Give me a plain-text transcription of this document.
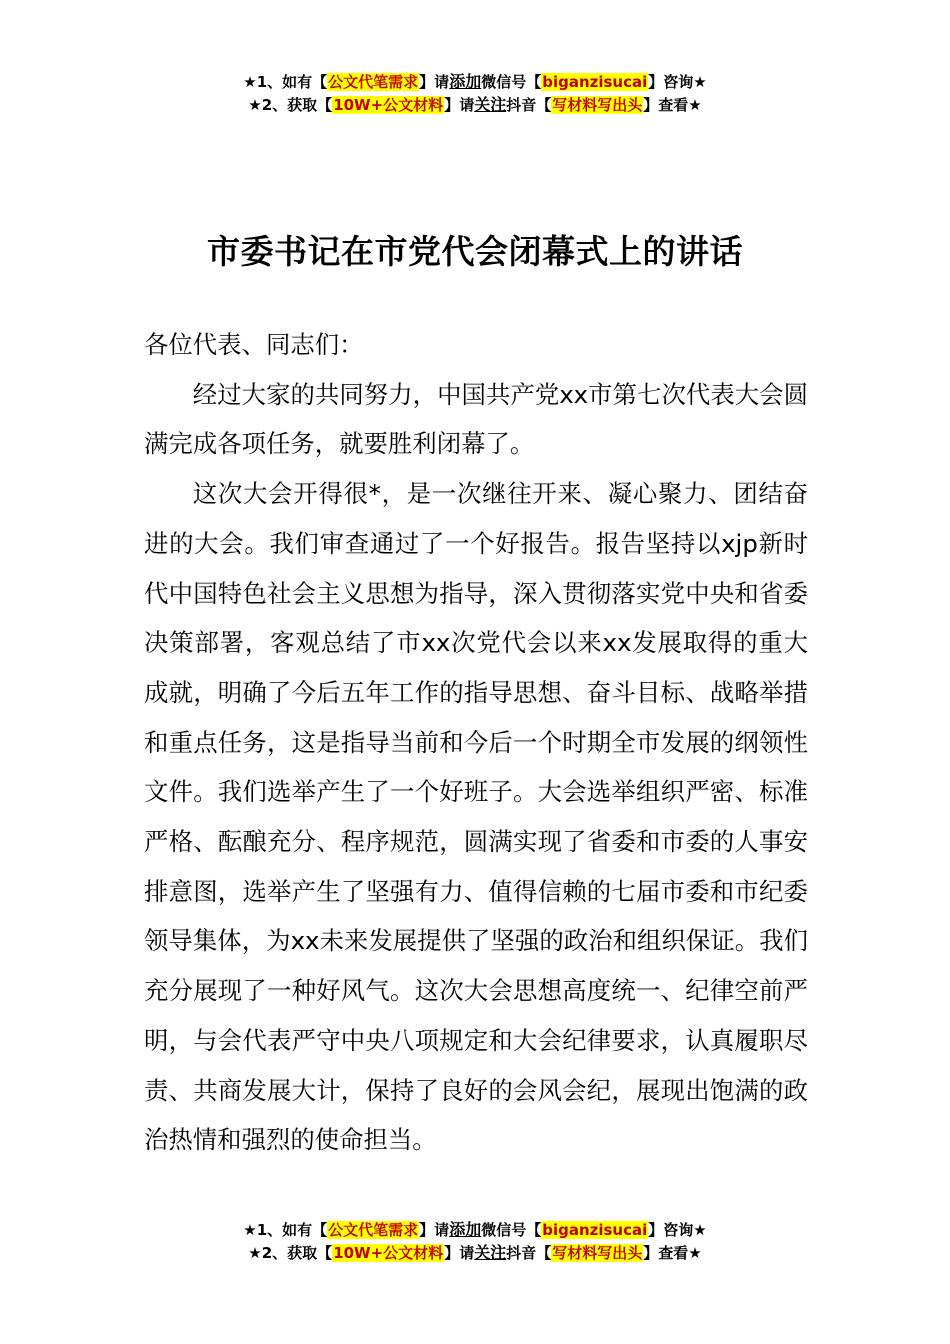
★1、如有【公文代笔需求】请添加微信号【biganzisucai】咨询★
★2、获取【10W+公文材料】请关注抖音【写材料写出头】查看★
市委书记在市党代会闭幕式上的讲话

各位代表、同志们：

经过大家的共同努力，中国共产党xx市第七次代表大会圆满完成各项任务，就要胜利闭幕了。

这次大会开得很*，是一次继往开来、凝心聚力、团结奋进的大会。我们审查通过了一个好报告。报告坚持以xjp新时代中国特色社会主义思想为指导，深入贯彻落实党中央和省委决策部署，客观总结了市xx次党代会以来xx发展取得的重大成就，明确了今后五年工作的指导思想、奋斗目标、战略举措和重点任务，这是指导当前和今后一个时期全市发展的纲领性文件。我们选举产生了一个好班子。大会选举组织严密、标准严格、酝酿充分、程序规范，圆满实现了省委和市委的人事安排意图，选举产生了坚强有力、值得信赖的七届市委和市纪委领导集体，为xx未来发展提供了坚强的政治和组织保证。我们充分展现了一种好风气。这次大会思想高度统一、纪律空前严明，与会代表严守中央八项规定和大会纪律要求，认真履职尽责、共商发展大计，保持了良好的会风会纪，展现出饱满的政治热情和强烈的使命担当。

★1、如有【公文代笔需求】请添加微信号【biganzisucai】咨询★
★2、获取【10W+公文材料】请关注抖音【写材料写出头】查看★
